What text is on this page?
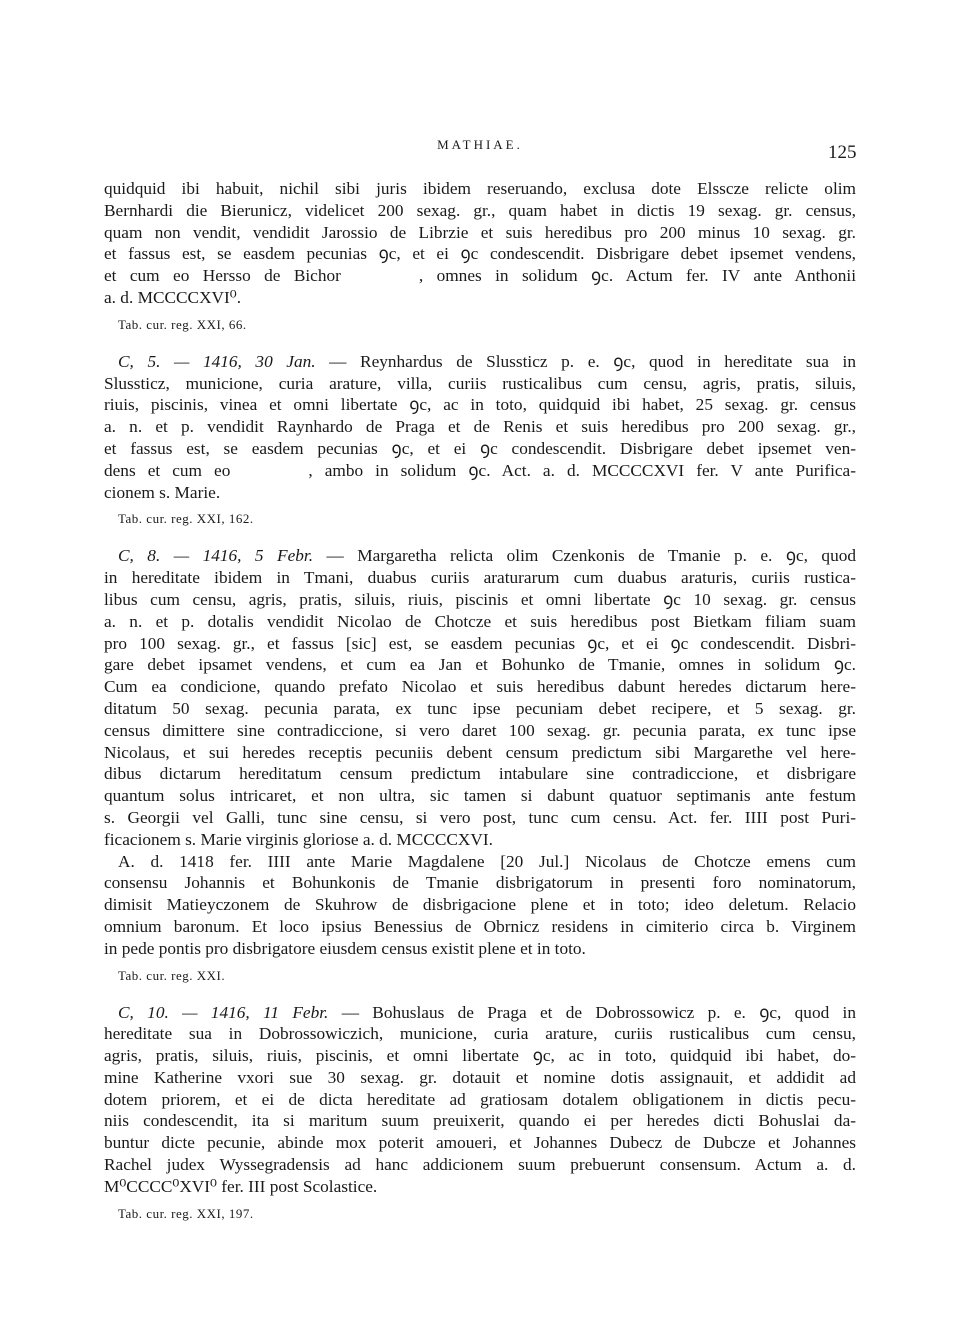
MATHIAE.	125
quidquid ibi habuit, nichil sibi juris ibidem reseruando, exclusa dote Elsscze relicte olim
Bernhardi die Bierunicz, videlicet 200 sexag. gr., quam habet in dictis 19 sexag. gr. census,
quam non vendit, vendidit Jarossio de Librzie et suis heredibus pro 200 minus 10 sexag. gr.
et fassus est, se easdem pecunias ꝯc, et ei ꝯc condescendit. Disbrigare debet ipsemet vendens,
et cum eo Hersso de Bichor	, omnes in solidum ꝯc. Actum fer. IV ante Anthonii
a. d. MCCCCXVI⁰.
Tab. cur. reg. XXI, 66.
C, 5. — 1416, 30 Jan. — Reynhardus de Slussticz p. e. ꝯc, quod in hereditate sua in
Slussticz, municione, curia arature, villa, curiis rusticalibus cum censu, agris, pratis, siluis,
riuis, piscinis, vinea et omni libertate ꝯc, ac in toto, quidquid ibi habet, 25 sexag. gr. census
a. n. et p. vendidit Raynhardo de Praga et de Renis et suis heredibus pro 200 sexag. gr.,
et fassus est, se easdem pecunias ꝯc, et ei ꝯc condescendit. Disbrigare debet ipsemet ven-
dens et cum eo	, ambo in solidum ꝯc. Act. a. d. MCCCCXVI fer. V ante Purifica-
cionem s. Marie.
Tab. cur. reg. XXI, 162.
C, 8. — 1416, 5 Febr. — Margaretha relicta olim Czenkonis de Tmanie p. e. ꝯc, quod
in hereditate ibidem in Tmani, duabus curiis araturarum cum duabus araturis, curiis rustica-
libus cum censu, agris, pratis, siluis, riuis, piscinis et omni libertate ꝯc 10 sexag. gr. census
a. n. et p. dotalis vendidit Nicolao de Chotcze et suis heredibus post Bietkam filiam suam
pro 100 sexag. gr., et fassus [sic] est, se easdem pecunias ꝯc, et ei ꝯc condescendit. Disbri-
gare debet ipsamet vendens, et cum ea Jan et Bohunko de Tmanie, omnes in solidum ꝯc.
Cum ea condicione, quando prefato Nicolao et suis heredibus dabunt heredes dictarum here-
ditatum 50 sexag. pecunia parata, ex tunc ipse pecuniam debet recipere, et 5 sexag. gr.
census dimittere sine contradiccione, si vero daret 100 sexag. gr. pecunia parata, ex tunc ipse
Nicolaus, et sui heredes receptis pecuniis debent censum predictum sibi Margarethe vel here-
dibus dictarum hereditatum censum predictum intabulare sine contradiccione, et disbrigare
quantum solus intricaret, et non ultra, sic tamen si dabunt quatuor septimanis ante festum
s. Georgii vel Galli, tunc sine censu, si vero post, tunc cum censu. Act. fer. IIII post Puri-
ficacionem s. Marie virginis gloriose a. d. MCCCCXVI.
A. d. 1418 fer. IIII ante Marie Magdalene [20 Jul.] Nicolaus de Chotcze emens cum
consensu Johannis et Bohunkonis de Tmanie disbrigatorum in presenti foro nominatorum,
dimisit Matieyczonem de Skuhrow de disbrigacione plene et in toto; ideo deletum. Relacio
omnium baronum. Et loco ipsius Benessius de Obrnicz residens in cimiterio circa b. Virginem
in pede pontis pro disbrigatore eiusdem census existit plene et in toto.
Tab. cur. reg. XXI.
C, 10. — 1416, 11 Febr. — Bohuslaus de Praga et de Dobrossowicz p. e. ꝯc, quod in
hereditate sua in Dobrossowiczich, municione, curia arature, curiis rusticalibus cum censu,
agris, pratis, siluis, riuis, piscinis, et omni libertate ꝯc, ac in toto, quidquid ibi habet, do-
mine Katherine vxori sue 30 sexag. gr. dotauit et nomine dotis assignauit, et addidit ad
dotem priorem, et ei de dicta hereditate ad gratiosam dotalem obligationem in dictis pecu-
niis condescendit, ita si maritum suum preuixerit, quando ei per heredes dicti Bohuslai da-
buntur dicte pecunie, abinde mox poterit amoueri, et Johannes Dubecz de Dubcze et Johannes
Rachel judex Wyssegradensis ad hanc addicionem suum prebuerunt consensum. Actum a. d.
M⁰CCCC⁰XVI⁰ fer. III post Scolastice.
Tab. cur. reg. XXI, 197.
